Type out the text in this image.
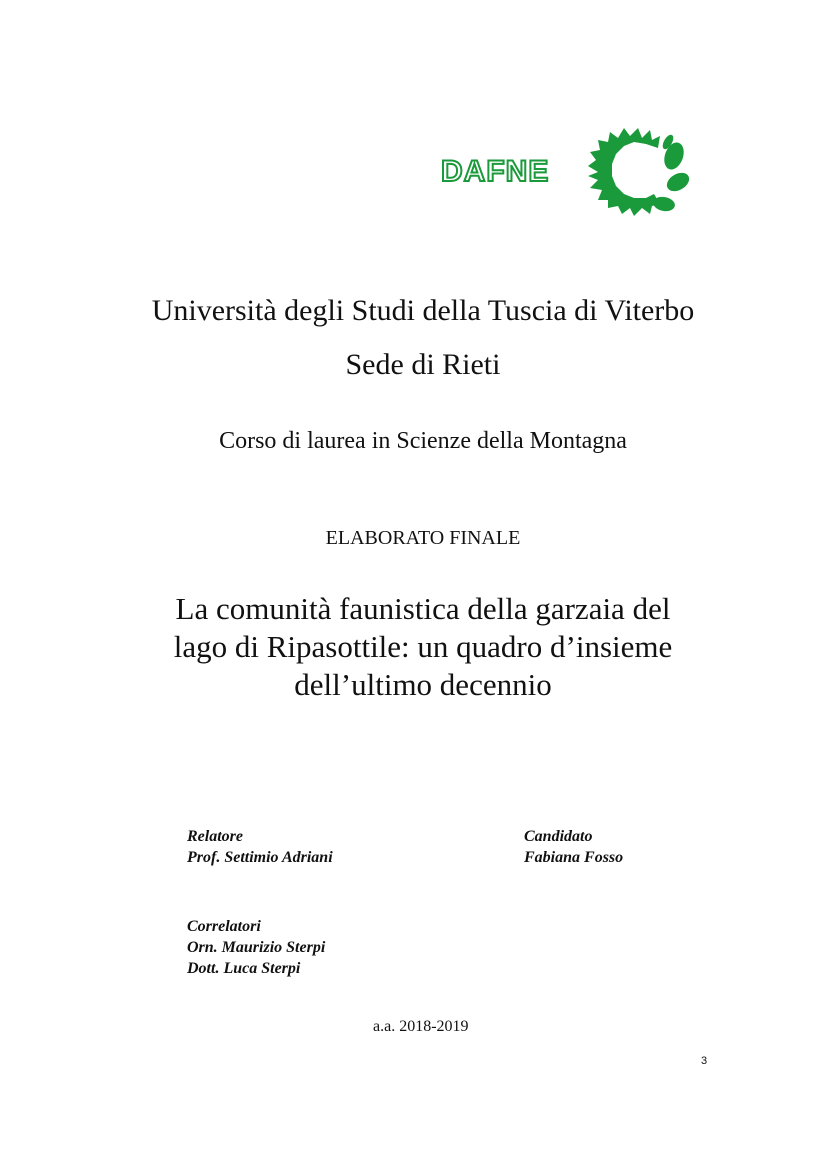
DAFNE
Università degli Studi della Tuscia di Viterbo
Sede di Rieti
Corso di laurea in Scienze della Montagna
ELABORATO FINALE
La comunità faunistica della garzaia del
lago di Ripasottile: un quadro d’insieme
dell’ultimo decennio
Relatore
Prof. Settimio Adriani
Candidato
Fabiana Fosso
Correlatori
Orn. Maurizio Sterpi
Dott. Luca Sterpi
a.a. 2018-2019
3
